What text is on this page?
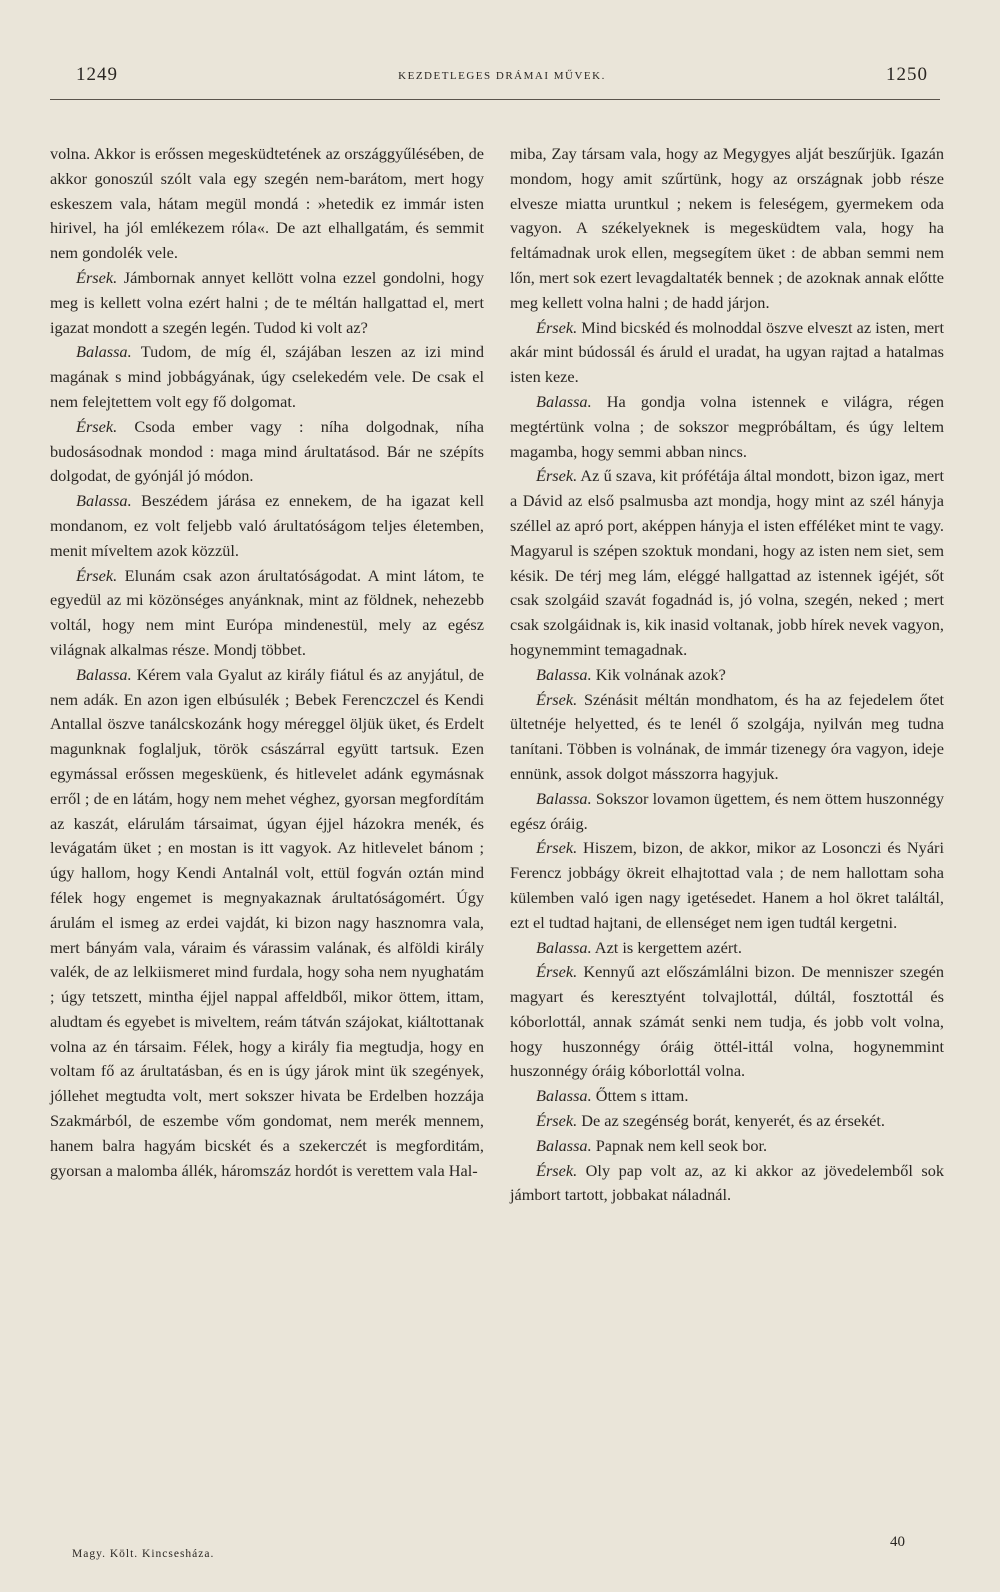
1249	KEZDETLEGES DRÁMAI MŰVEK.	1250

volna. Akkor is erőssen megesküdtetének az országgyűlésében, de akkor gonoszúl szólt vala egy szegén nem-barátom, mert hogy eskeszem vala, hátam megül mondá : »hetedik ez immár isten hirivel, ha jól emlékezem róla«. De azt elhallgatám, és semmit nem gondolék vele.

Érsek. Jámbornak annyet kellött volna ezzel gondolni, hogy meg is kellett volna ezért halni ; de te méltán hallgattad el, mert igazat mondott a szegén legén. Tudod ki volt az?

Balassa. Tudom, de míg él, szájában leszen az izi mind magának s mind jobbágyának, úgy cselekedém vele. De csak el nem felejtettem volt egy fő dolgomat.

Érsek. Csoda ember vagy : níha dolgodnak, níha budosásodnak mondod : maga mind árultatásod. Bár ne szépíts dolgodat, de gyónjál jó módon.

Balassa. Beszédem járása ez ennekem, de ha igazat kell mondanom, ez volt feljebb való árultatóságom teljes életemben, menit míveltem azok közzül.

Érsek. Elunám csak azon árultatóságodat. A mint látom, te egyedül az mi közönséges anyánknak, mint az földnek, nehezebb voltál, hogy nem mint Európa mindenestül, mely az egész világnak alkalmas része. Mondj többet.

Balassa. Kérem vala Gyalut az király fiátul és az anyjátul, de nem adák. En azon igen elbúsulék ; Bebek Ferenczczel és Kendi Antallal öszve tanálcskozánk hogy méreggel öljük üket, és Erdelt magunknak foglaljuk, török császárral együtt tartsuk. Ezen egymással erőssen megesküenk, és hitlevelet adánk egymásnak erről ; de en látám, hogy nem mehet véghez, gyorsan megfordítám az kaszát, elárulám társaimat, úgyan éjjel házokra menék, és levágatám üket ; en mostan is itt vagyok. Az hitlevelet bánom ; úgy hallom, hogy Kendi Antalnál volt, ettül fogván oztán mind félek hogy engemet is megnyakaznak árultatóságomért. Úgy árulám el ismeg az erdei vajdát, ki bizon nagy hasznomra vala, mert bányám vala, váraim és várassim valának, és alföldi király valék, de az lelkiismeret mind furdala, hogy soha nem nyughatám ; úgy tetszett, mintha éjjel nappal affeldből, mikor öttem, ittam, aludtam és egyebet is miveltem, reám tátván szájokat, kiáltottanak volna az én társaim. Félek, hogy a király fia megtudja, hogy en voltam fő az árultatásban, és en is úgy járok mint ük szegények, jóllehet megtudta volt, mert sokszer hivata be Erdelben hozzája Szakmárból, de eszembe vőm gondomat, nem merék mennem, hanem balra hagyám bicskét és a szekerczét is megforditám, gyorsan a malomba állék, háromszáz hordót is verettem vala Hal-

miba, Zay társam vala, hogy az Megygyes alját beszűrjük. Igazán mondom, hogy amit szűrtünk, hogy az országnak jobb része elvesze miatta uruntkul ; nekem is feleségem, gyermekem oda vagyon. A székelyeknek is megesküdtem vala, hogy ha feltámadnak urok ellen, megsegítem üket : de abban semmi nem lőn, mert sok ezert levagdaltaték bennek ; de azoknak annak előtte meg kellett volna halni ; de hadd járjon.

Érsek. Mind bicskéd és molnoddal öszve elveszt az isten, mert akár mint búdossál és áruld el uradat, ha ugyan rajtad a hatalmas isten keze.

Balassa. Ha gondja volna istennek e világra, régen megtértünk volna ; de sokszor megpróbáltam, és úgy leltem magamba, hogy semmi abban nincs.

Érsek. Az ű szava, kit prófétája által mondott, bizon igaz, mert a Dávid az első psalmusba azt mondja, hogy mint az szél hányja széllel az apró port, aképpen hányja el isten efféléket mint te vagy. Magyarul is szépen szoktuk mondani, hogy az isten nem siet, sem késik. De térj meg lám, eléggé hallgattad az istennek igéjét, sőt csak szolgáid szavát fogadnád is, jó volna, szegén, neked ; mert csak szolgáidnak is, kik inasid voltanak, jobb hírek nevek vagyon, hogynemmint temagadnak.

Balassa. Kik volnának azok?

Érsek. Szénásit méltán mondhatom, és ha az fejedelem őtet ültetnéje helyetted, és te lenél ő szolgája, nyilván meg tudna tanítani. Többen is volnának, de immár tizenegy óra vagyon, ideje ennünk, assok dolgot másszorra hagyjuk.

Balassa. Sokszor lovamon ügettem, és nem öttem huszonnégy egész óráig.

Érsek. Hiszem, bizon, de akkor, mikor az Losonczi és Nyári Ferencz jobbágy ökreit elhajtottad vala ; de nem hallottam soha külemben való igen nagy igetésedet. Hanem a hol ökret találtál, ezt el tudtad hajtani, de ellenséget nem igen tudtál kergetni.

Balassa. Azt is kergettem azért.

Érsek. Kennyű azt előszámlálni bizon. De menniszer szegén magyart és keresztyént tolvajlottál, dúltál, fosztottál és kóborlottál, annak számát senki nem tudja, és jobb volt volna, hogy huszonnégy óráig öttél-ittál volna, hogynemmint huszonnégy óráig kóborlottál volna.

Balassa. Őttem s ittam.

Érsek. De az szegénség borát, kenyerét, és az érsekét.

Balassa. Papnak nem kell seok bor.

Érsek. Oly pap volt az, az ki akkor az jövedelemből sok jámbort tartott, jobbakat náladnál.

Magy. Költ. Kincsesháza.
40
